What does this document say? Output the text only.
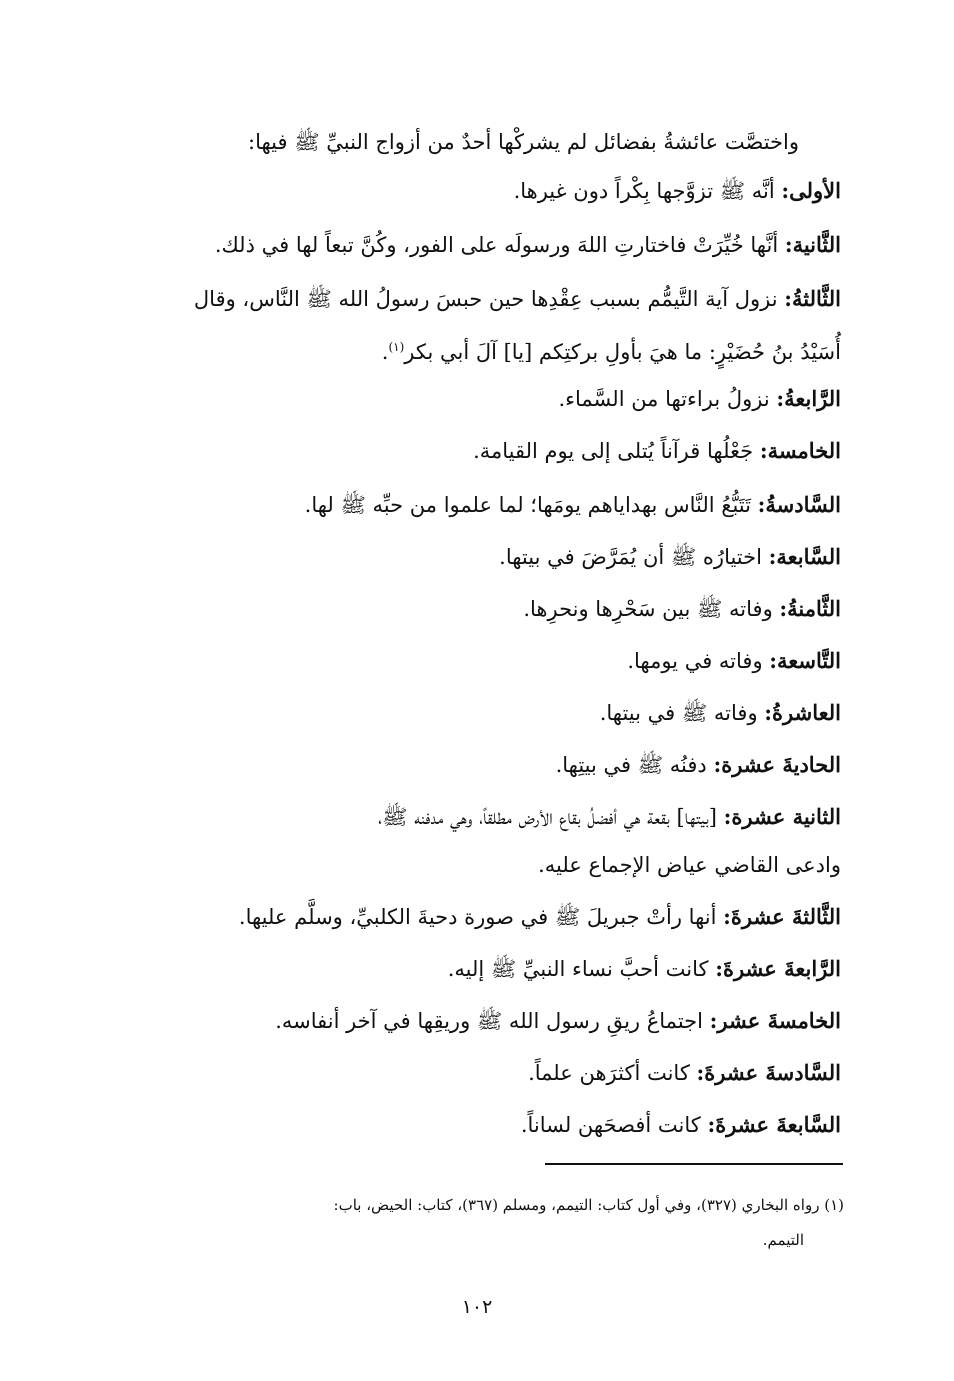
واختصَّت عائشةُ بفضائل لم يشركْها أحدٌ من أزواج النبيِّ ﷺ فيها:
الأولى: أنَّه ﷺ تزوَّجها بِكْراً دون غيرها.
الثَّانية: أنَّها خُيِّرَتْ فاختارتِ اللهَ ورسولَه على الفور، وكُنَّ تبعاً لها في ذلك.
الثَّالثةُ: نزول آية التَّيمُّم بسبب عِقْدِها حين حبسَ رسولُ الله ﷺ النَّاس، وقال
أُسَيْدُ بنُ حُضَيْرٍ: ما هيَ بأولِ بركتِكم [يا] آلَ أبي بكر$^{(١)}$.
الرَّابعةُ: نزولُ براءتها من السَّماء.
الخامسة: جَعْلُها قرآناً يُتلى إلى يوم القيامة.
السَّادسةُ: تَتَبُّعُ النَّاس بهداياهم يومَها؛ لما علموا من حبِّه ﷺ لها.
السَّابعة: اختيارُه ﷺ أن يُمَرَّضَ في بيتها.
الثَّامنةُ: وفاته ﷺ بين سَحْرِها ونحرِها.
التَّاسعة: وفاته في يومها.
العاشرةُ: وفاته ﷺ في بيتها.
الحاديةَ عشرة: دفنُه ﷺ في بيتِها.
الثانية عشرة: [بيتها] بقعة هي أفضلُ بقاع الأرض مطلقاً، وهي مدفنه ﷺ،
وادعى القاضي عياض الإجماع عليه.
الثَّالثةَ عشرةَ: أنها رأتْ جبريلَ ﷺ في صورة دحيةَ الكلبيِّ، وسلَّم عليها.
الرَّابعةَ عشرةَ: كانت أحبَّ نساء النبيِّ ﷺ إليه.
الخامسةَ عشر: اجتماعُ ريقِ رسول الله ﷺ وريقِها في آخر أنفاسه.
السَّادسةَ عشرةَ: كانت أكثرَهن علماً.
السَّابعةَ عشرةَ: كانت أفصحَهن لساناً.
(١) رواه البخاري (٣٢٧)، وفي أول كتاب: التيمم، ومسلم (٣٦٧)، كتاب: الحيض، باب:
التيمم.
١٠٢
